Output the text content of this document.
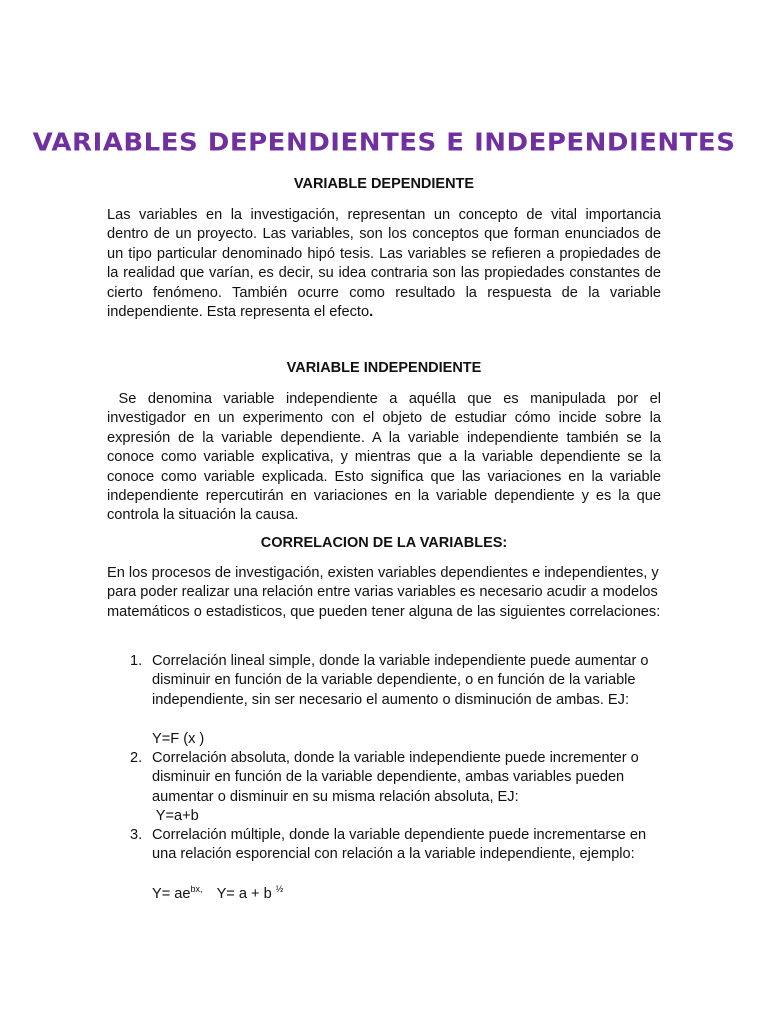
VARIABLES DEPENDIENTES E INDEPENDIENTES
VARIABLE DEPENDIENTE
Las variables en la investigación, representan un concepto de vital importancia dentro de un proyecto. Las variables, son los conceptos que forman enunciados de un tipo particular denominado hipó tesis. Las variables se refieren a propiedades de la realidad que varían, es decir, su idea contraria son las propiedades constantes de cierto fenómeno. También ocurre como resultado la respuesta de la variable independiente. Esta representa el efecto.
VARIABLE INDEPENDIENTE
Se denomina variable independiente a aquélla que es manipulada por el investigador en un experimento con el objeto de estudiar cómo incide sobre la expresión de la variable dependiente. A la variable independiente también se la conoce como variable explicativa, y mientras que a la variable dependiente se la conoce como variable explicada. Esto significa que las variaciones en la variable independiente repercutirán en variaciones en la variable dependiente y es la que controla la situación la causa.
CORRELACION DE LA VARIABLES:
En los procesos de investigación, existen variables dependientes e independientes, y para poder realizar una relación entre varias variables es necesario acudir a modelos matemáticos o estadisticos, que pueden tener alguna de las siguientes correlaciones:
1. Correlación lineal simple, donde la variable independiente puede aumentar o disminuir en función de la variable dependiente, o en función de la variable independiente, sin ser necesario el aumento o disminución de ambas. EJ:
Y=F (x )
2. Correlación absoluta, donde la variable independiente puede incrementer o disminuir en función de la variable dependiente, ambas variables pueden aumentar o disminuir en su misma relación absoluta, EJ:
Y=a+b
3. Correlación múltiple, donde la variable dependiente puede incrementarse en una relación esporencial con relación a la variable independiente, ejemplo:
$Y= ae^{bx,}$ Y= a + b $^{\frac{1}{2}}$
